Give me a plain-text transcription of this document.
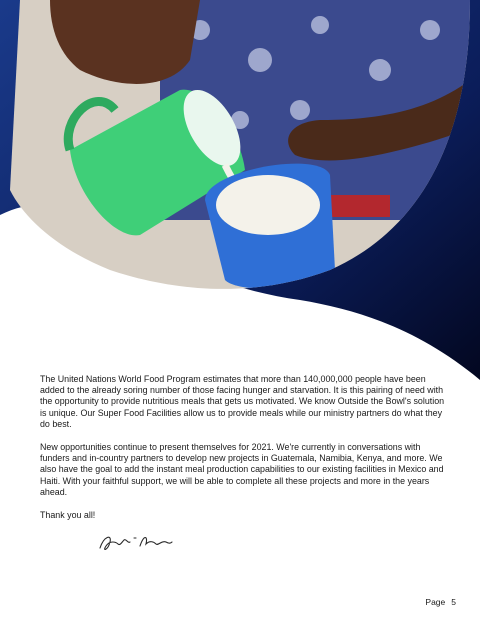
The United Nations World Food Program estimates that more than 140,000,000 people have been added to the already soring number of those facing hunger and starvation. It is this pairing of need with the opportunity to provide nutritious meals that gets us motivated. We know Outside the Bowl's solution is unique. Our Super Food Facilities allow us to provide meals while our ministry partners do what they do best.

New opportunities continue to present themselves for 2021. We're currently in conversations with funders and in-country partners to develop new projects in Guatemala, Namibia, Kenya, and more. We also have the goal to add the instant meal production capabilities to our existing facilities in Mexico and Haiti. With your faithful support, we will be able to complete all these projects and more in the years ahead.

Thank you all!

Page 5
